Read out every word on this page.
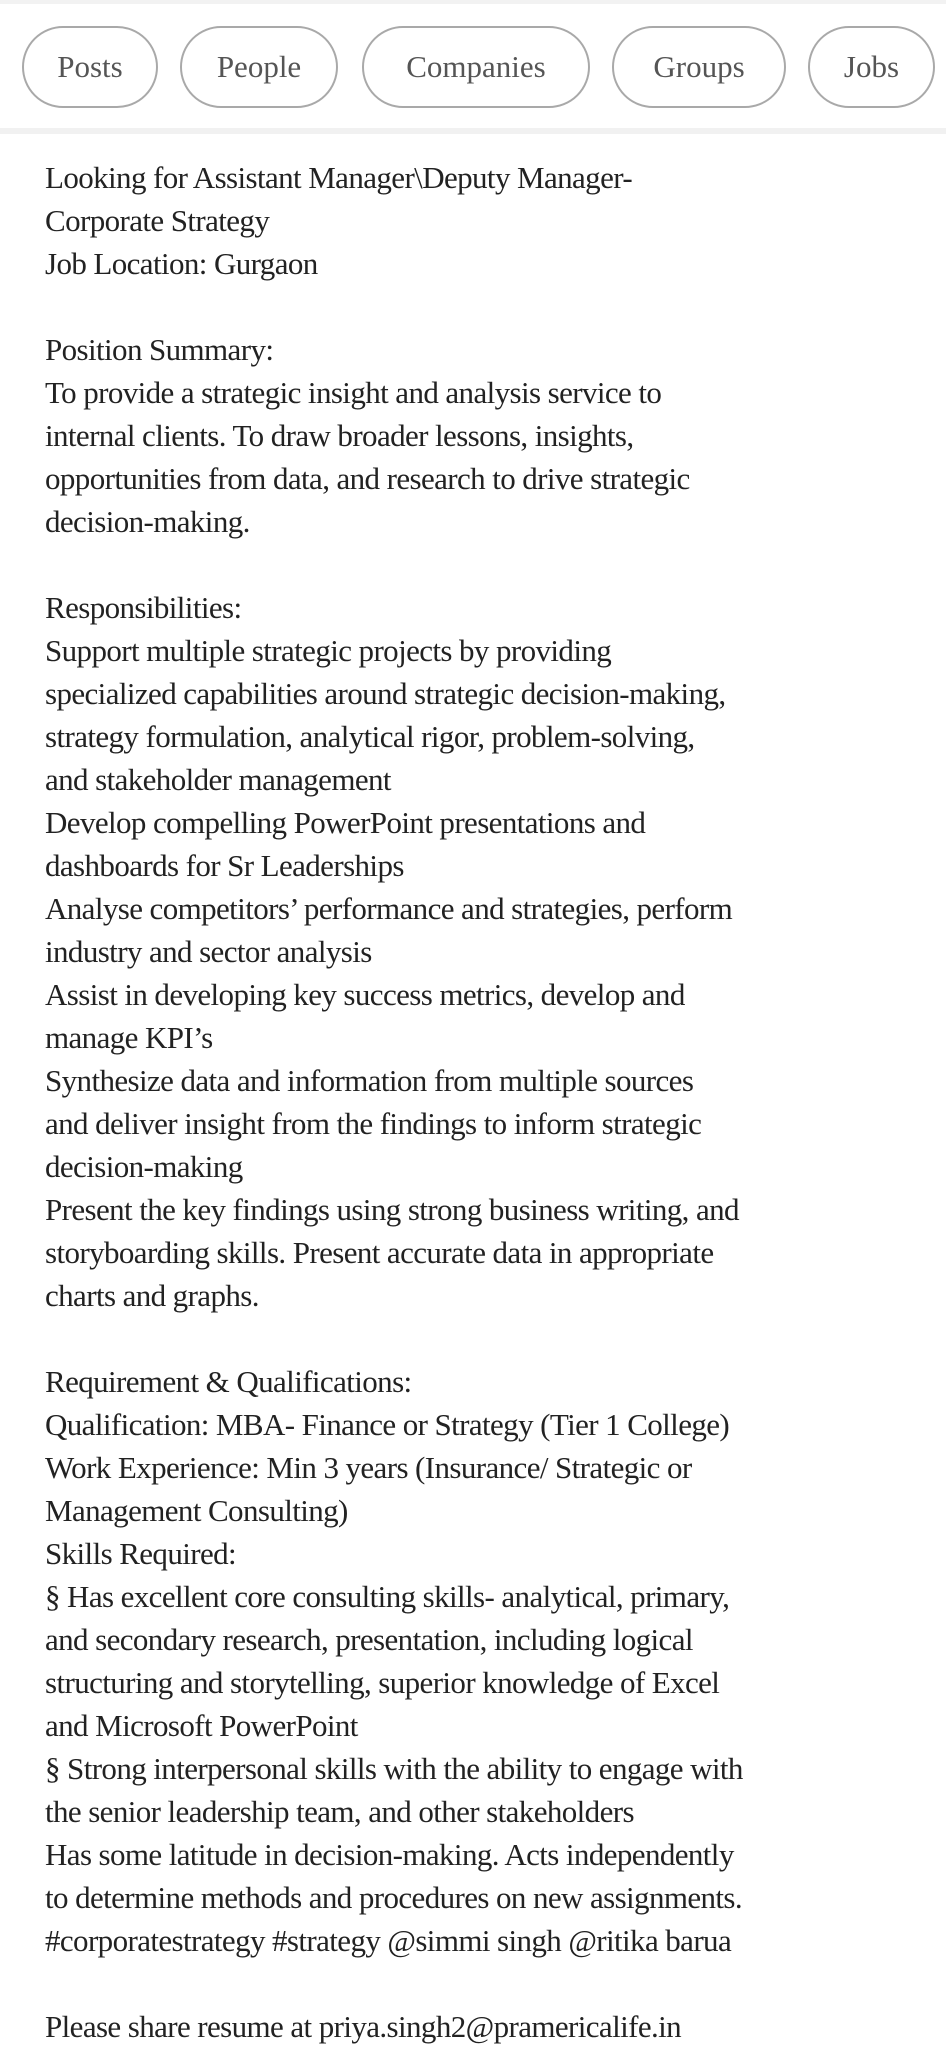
Posts	People	Companies	Groups	Jobs
Looking for Assistant Manager\Deputy Manager-
Corporate Strategy
Job Location: Gurgaon
Position Summary:
To provide a strategic insight and analysis service to
internal clients. To draw broader lessons, insights,
opportunities from data, and research to drive strategic
decision-making.
Responsibilities:
Support multiple strategic projects by providing
specialized capabilities around strategic decision-making,
strategy formulation, analytical rigor, problem-solving,
and stakeholder management
Develop compelling PowerPoint presentations and
dashboards for Sr Leaderships
Analyse competitors’ performance and strategies, perform
industry and sector analysis
Assist in developing key success metrics, develop and
manage KPI’s
Synthesize data and information from multiple sources
and deliver insight from the findings to inform strategic
decision-making
Present the key findings using strong business writing, and
storyboarding skills. Present accurate data in appropriate
charts and graphs.
Requirement & Qualifications:
Qualification: MBA- Finance or Strategy (Tier 1 College)
Work Experience: Min 3 years (Insurance/ Strategic or
Management Consulting)
Skills Required:
§ Has excellent core consulting skills- analytical, primary,
and secondary research, presentation, including logical
structuring and storytelling, superior knowledge of Excel
and Microsoft PowerPoint
§ Strong interpersonal skills with the ability to engage with
the senior leadership team, and other stakeholders
Has some latitude in decision-making. Acts independently
to determine methods and procedures on new assignments.
#corporatestrategy #strategy @simmi singh @ritika barua
Please share resume at priya.singh2@pramericalife.in
